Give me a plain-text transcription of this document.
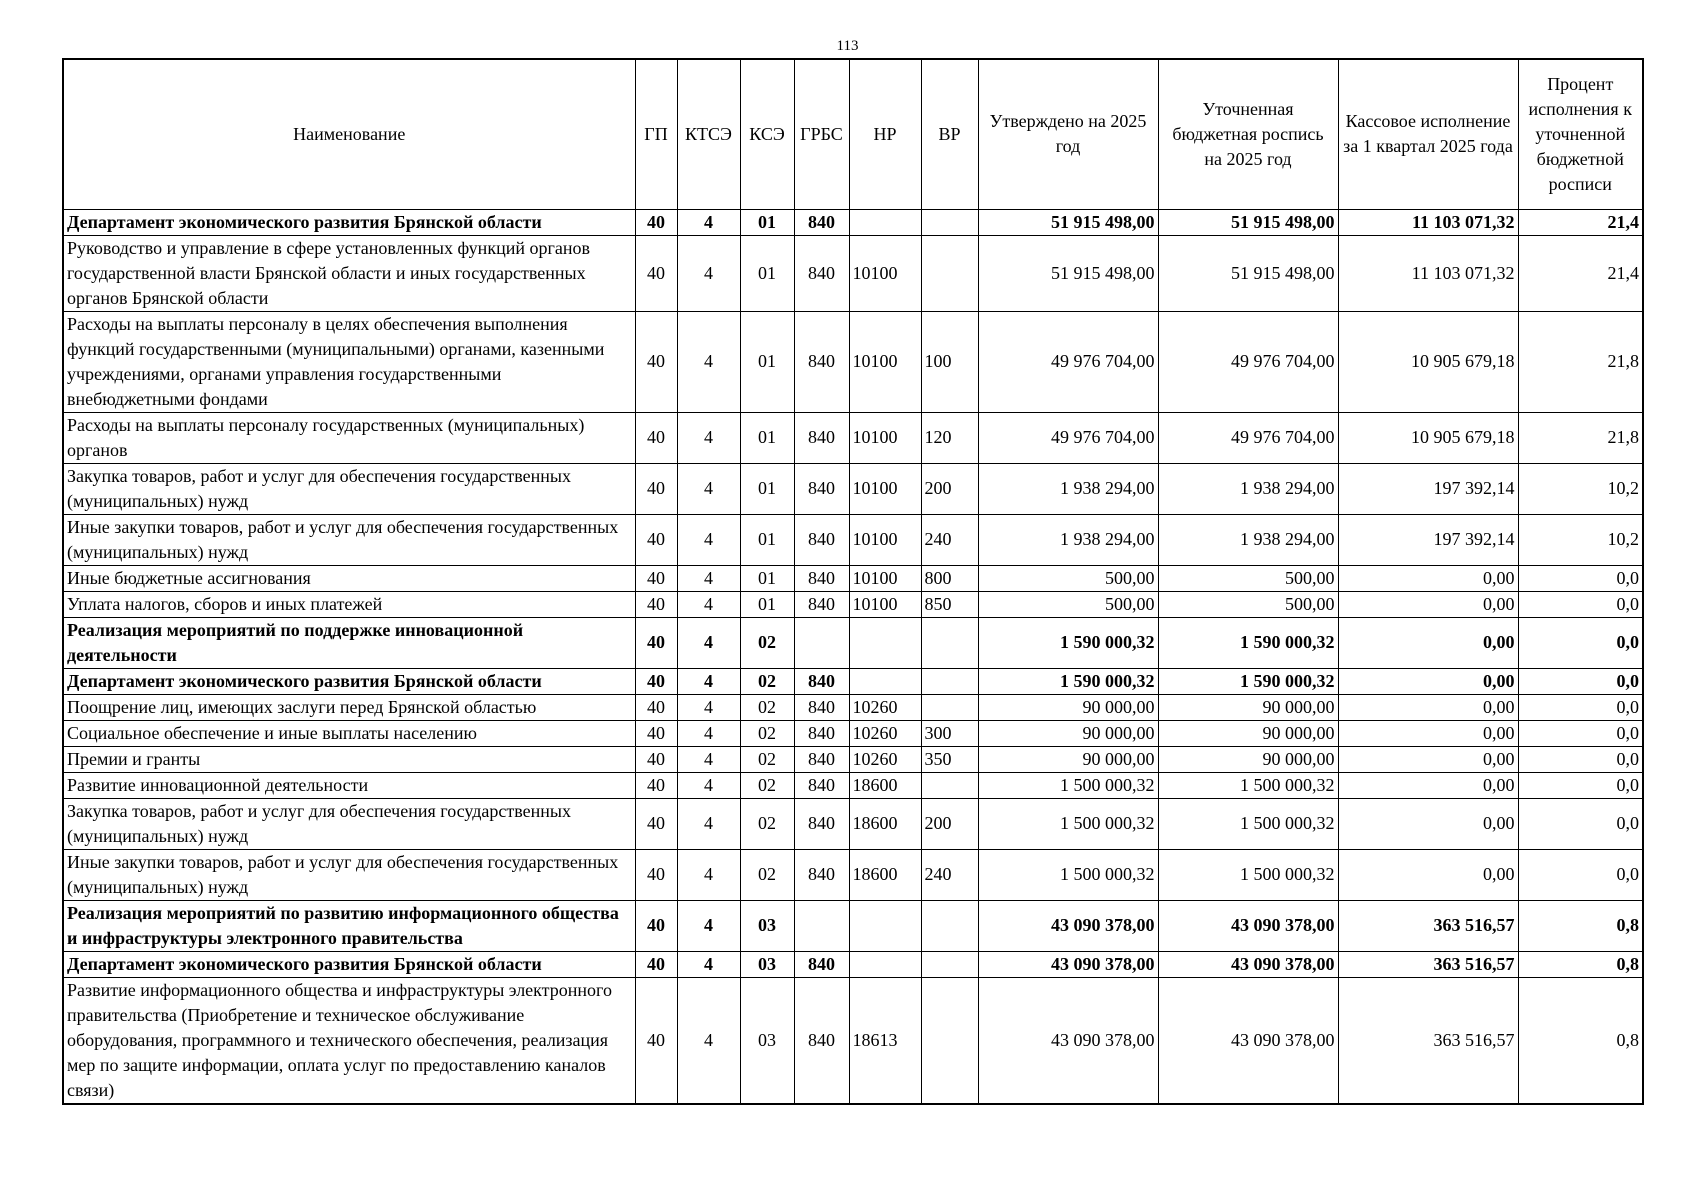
113
Наименование	ГП	КТСЭ	КСЭ	ГРБС	НР	ВР	Утверждено на 2025 год	Уточненная бюджетная роспись на 2025 год	Кассовое исполнение за 1 квартал 2025 года	Процент исполнения к уточненной бюджетной росписи
Департамент экономического развития Брянской области	40	4	01	840			51 915 498,00	51 915 498,00	11 103 071,32	21,4
Руководство и управление в сфере установленных функций органов государственной власти Брянской области и иных государственных органов Брянской области	40	4	01	840	10100		51 915 498,00	51 915 498,00	11 103 071,32	21,4
Расходы на выплаты персоналу в целях обеспечения выполнения функций государственными (муниципальными) органами, казенными учреждениями, органами управления государственными внебюджетными фондами	40	4	01	840	10100	100	49 976 704,00	49 976 704,00	10 905 679,18	21,8
Расходы на выплаты персоналу государственных (муниципальных) органов	40	4	01	840	10100	120	49 976 704,00	49 976 704,00	10 905 679,18	21,8
Закупка товаров, работ и услуг для обеспечения государственных (муниципальных) нужд	40	4	01	840	10100	200	1 938 294,00	1 938 294,00	197 392,14	10,2
Иные закупки товаров, работ и услуг для обеспечения государственных (муниципальных) нужд	40	4	01	840	10100	240	1 938 294,00	1 938 294,00	197 392,14	10,2
Иные бюджетные ассигнования	40	4	01	840	10100	800	500,00	500,00	0,00	0,0
Уплата налогов, сборов и иных платежей	40	4	01	840	10100	850	500,00	500,00	0,00	0,0
Реализация мероприятий по поддержке инновационной деятельности	40	4	02				1 590 000,32	1 590 000,32	0,00	0,0
Департамент экономического развития Брянской области	40	4	02	840			1 590 000,32	1 590 000,32	0,00	0,0
Поощрение лиц, имеющих заслуги перед Брянской областью	40	4	02	840	10260		90 000,00	90 000,00	0,00	0,0
Социальное обеспечение и иные выплаты населению	40	4	02	840	10260	300	90 000,00	90 000,00	0,00	0,0
Премии и гранты	40	4	02	840	10260	350	90 000,00	90 000,00	0,00	0,0
Развитие инновационной деятельности	40	4	02	840	18600		1 500 000,32	1 500 000,32	0,00	0,0
Закупка товаров, работ и услуг для обеспечения государственных (муниципальных) нужд	40	4	02	840	18600	200	1 500 000,32	1 500 000,32	0,00	0,0
Иные закупки товаров, работ и услуг для обеспечения государственных (муниципальных) нужд	40	4	02	840	18600	240	1 500 000,32	1 500 000,32	0,00	0,0
Реализация мероприятий по развитию информационного общества и инфраструктуры электронного правительства	40	4	03				43 090 378,00	43 090 378,00	363 516,57	0,8
Департамент экономического развития Брянской области	40	4	03	840			43 090 378,00	43 090 378,00	363 516,57	0,8
Развитие информационного общества и инфраструктуры электронного правительства (Приобретение и техническое обслуживание оборудования, программного и технического обеспечения, реализация мер по защите информации, оплата услуг по предоставлению каналов связи)	40	4	03	840	18613		43 090 378,00	43 090 378,00	363 516,57	0,8
